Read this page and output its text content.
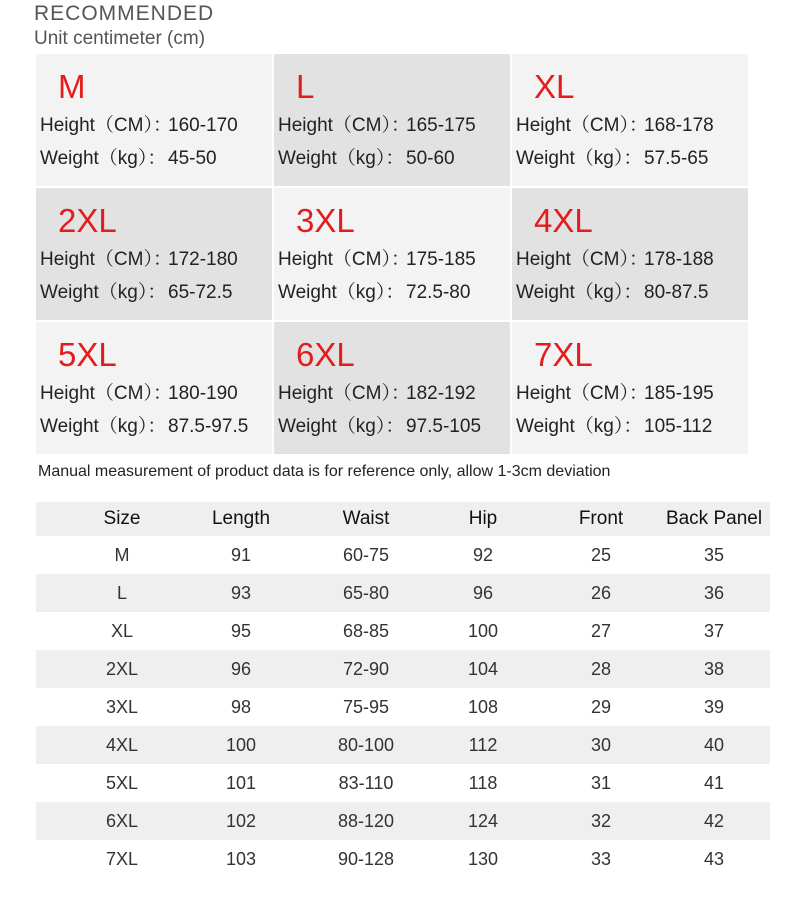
RECOMMENDED
Unit centimeter (cm)
M
Height（CM）：160-170
Weight（kg）：45-50
L
Height（CM）：165-175
Weight（kg）：50-60
XL
Height（CM）：168-178
Weight（kg）：57.5-65
2XL
Height（CM）：172-180
Weight（kg）：65-72.5
3XL
Height（CM）：175-185
Weight（kg）：72.5-80
4XL
Height（CM）：178-188
Weight（kg）：80-87.5
5XL
Height（CM）：180-190
Weight（kg）：87.5-97.5
6XL
Height（CM）：182-192
Weight（kg）：97.5-105
7XL
Height（CM）：185-195
Weight（kg）：105-112
Manual measurement of product data is for reference only, allow 1-3cm deviation
Size	Length	Waist	Hip	Front	Back Panel
M	91	60-75	92	25	35
L	93	65-80	96	26	36
XL	95	68-85	100	27	37
2XL	96	72-90	104	28	38
3XL	98	75-95	108	29	39
4XL	100	80-100	112	30	40
5XL	101	83-110	118	31	41
6XL	102	88-120	124	32	42
7XL	103	90-128	130	33	43
